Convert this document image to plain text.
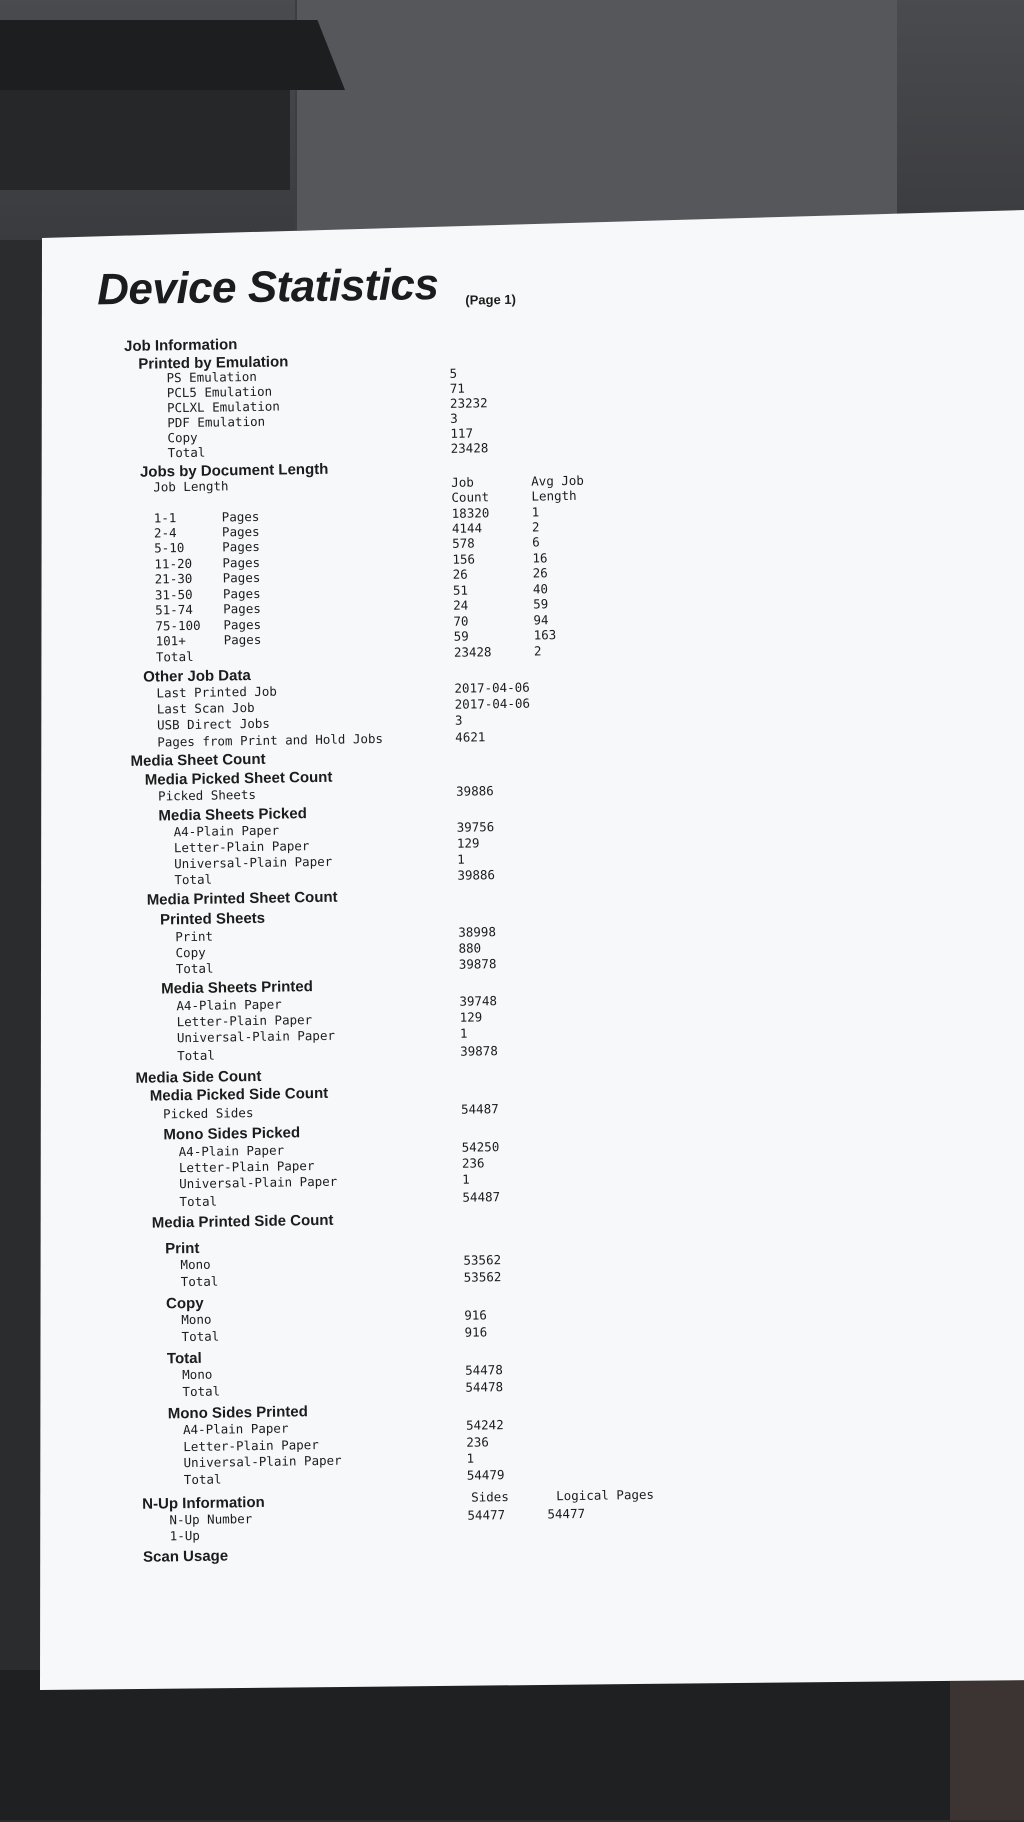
Device Statistics (Page 1)
Job Information
Printed by Emulation
PS Emulation	5
PCL5 Emulation	71
PCLXL Emulation	23232
PDF Emulation	3
Copy	117
Total	23428
Jobs by Document Length
Job Length	Job	Avg Job
Count	Length
1-1	Pages	18320	1
2-4	Pages	4144	2
5-10	Pages	578	6
11-20 Pages	156	16
21-30 Pages	26	26
31-50 Pages	51	40
51-74 Pages	24	59
75-100 Pages	70	94
101+	Pages	59	163
Total	23428	2
Other Job Data
Last Printed Job	2017-04-06
Last Scan Job	2017-04-06
USB Direct Jobs	3
Pages from Print and Hold Jobs	4621
Media Sheet Count
Media Picked Sheet Count
Picked Sheets	39886
Media Sheets Picked
A4-Plain Paper	39756
Letter-Plain Paper	129
Universal-Plain Paper	1
Total	39886
Media Printed Sheet Count
Printed Sheets
Print	38998
Copy	880
Total	39878
Media Sheets Printed
A4-Plain Paper	39748
Letter-Plain Paper	129
Universal-Plain Paper	1
Total	39878
Media Side Count
Media Picked Side Count
Picked Sides	54487
Mono Sides Picked
A4-Plain Paper	54250
Letter-Plain Paper	236
Universal-Plain Paper	1
Total	54487
Media Printed Side Count
Print
Mono	53562
Total	53562
Copy
Mono	916
Total	916
Total
Mono	54478
Total	54478
Mono Sides Printed
A4-Plain Paper	54242
Letter-Plain Paper	236
Universal-Plain Paper	1
Total	54479
N-Up Information	Sides	Logical Pages
N-Up Number	54477	54477
1-Up
Scan Usage
